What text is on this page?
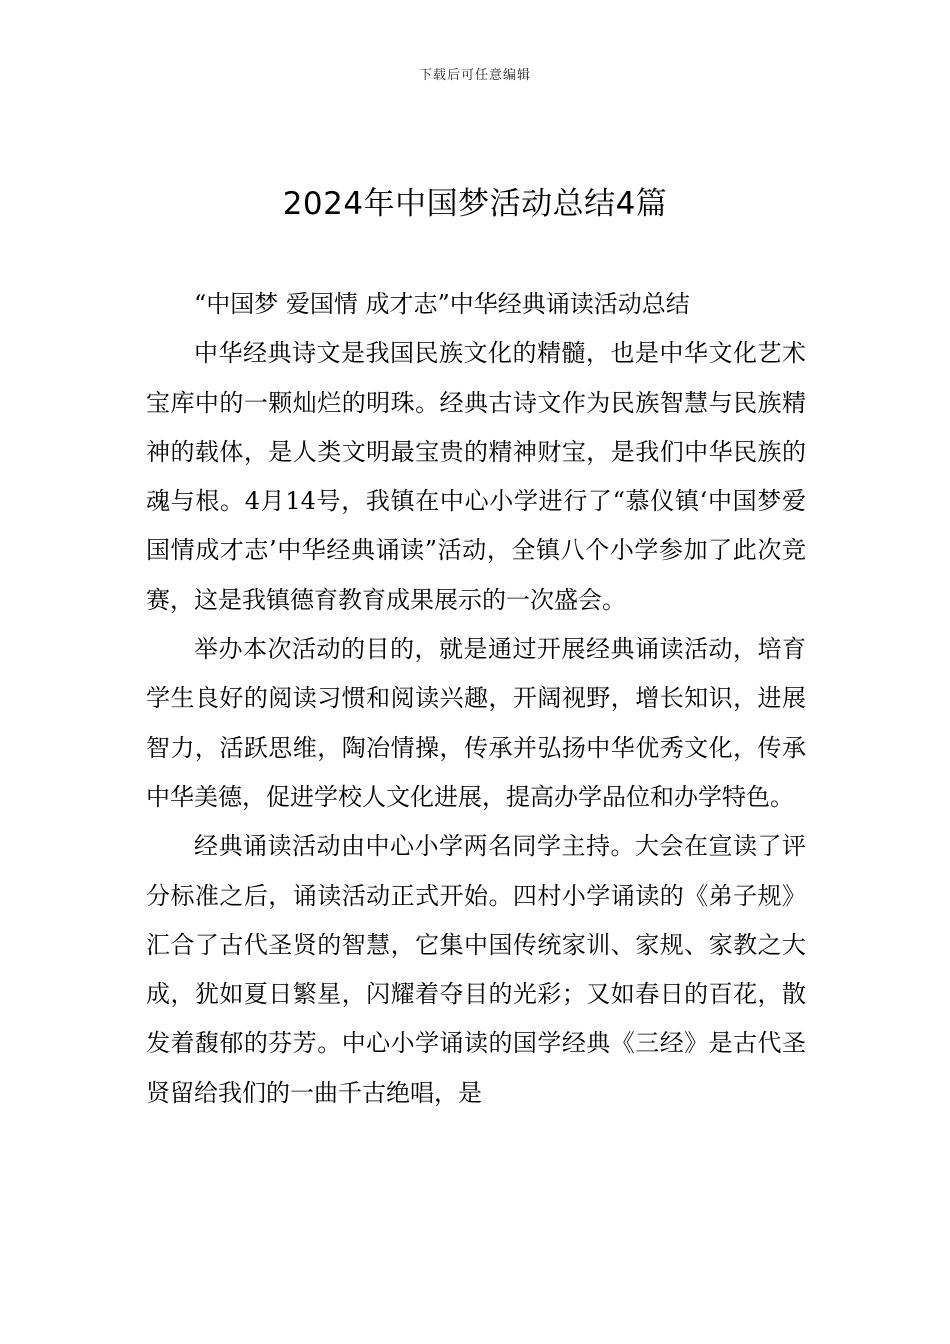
下载后可任意编辑
2024年中国梦活动总结4篇

“中国梦 爱国情 成才志”中华经典诵读活动总结

中华经典诗文是我国民族文化的精髓，也是中华文化艺术宝库中的一颗灿烂的明珠。经典古诗文作为民族智慧与民族精神的载体，是人类文明最宝贵的精神财宝，是我们中华民族的魂与根。4月14号，我镇在中心小学进行了“慕仪镇‘中国梦爱国情成才志’中华经典诵读”活动，全镇八个小学参加了此次竞赛，这是我镇德育教育成果展示的一次盛会。

举办本次活动的目的，就是通过开展经典诵读活动，培育学生良好的阅读习惯和阅读兴趣，开阔视野，增长知识，进展智力，活跃思维，陶冶情操，传承并弘扬中华优秀文化，传承中华美德，促进学校人文化进展，提高办学品位和办学特色。

经典诵读活动由中心小学两名同学主持。大会在宣读了评分标准之后，诵读活动正式开始。四村小学诵读的《弟子规》汇合了古代圣贤的智慧，它集中国传统家训、家规、家教之大成，犹如夏日繁星，闪耀着夺目的光彩；又如春日的百花，散发着馥郁的芬芳。中心小学诵读的国学经典《三经》是古代圣贤留给我们的一曲千古绝唱，是
